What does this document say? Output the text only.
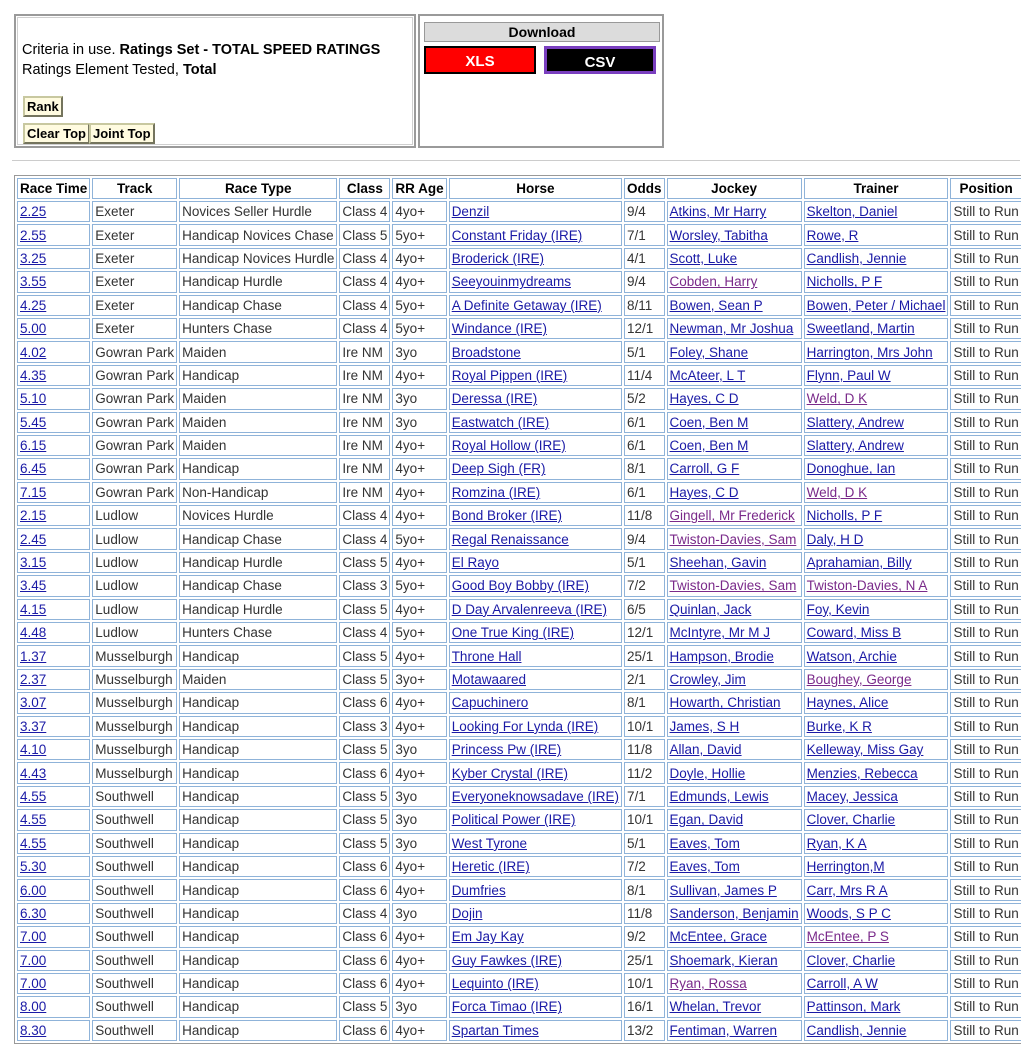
Criteria in use. Ratings Set - TOTAL SPEED RATINGS
Ratings Element Tested, Total
Rank
Clear Top Joint Top
Download
XLS	CSV
Race Time	Track	Race Type	Class	RR Age	Horse	Odds	Jockey	Trainer	Position
2.25	Exeter	Novices Seller Hurdle	Class 4	4yo+	Denzil	9/4	Atkins, Mr Harry	Skelton, Daniel	Still to Run
2.55	Exeter	Handicap Novices Chase	Class 5	5yo+	Constant Friday (IRE)	7/1	Worsley, Tabitha	Rowe, R	Still to Run
3.25	Exeter	Handicap Novices Hurdle	Class 4	4yo+	Broderick (IRE)	4/1	Scott, Luke	Candlish, Jennie	Still to Run
3.55	Exeter	Handicap Hurdle	Class 4	4yo+	Seeyouinmydreams	9/4	Cobden, Harry	Nicholls, P F	Still to Run
4.25	Exeter	Handicap Chase	Class 4	5yo+	A Definite Getaway (IRE)	8/11	Bowen, Sean P	Bowen, Peter / Michael	Still to Run
5.00	Exeter	Hunters Chase	Class 4	5yo+	Windance (IRE)	12/1	Newman, Mr Joshua	Sweetland, Martin	Still to Run
4.02	Gowran Park	Maiden	Ire NM	3yo	Broadstone	5/1	Foley, Shane	Harrington, Mrs John	Still to Run
4.35	Gowran Park	Handicap	Ire NM	4yo+	Royal Pippen (IRE)	11/4	McAteer, L T	Flynn, Paul W	Still to Run
5.10	Gowran Park	Maiden	Ire NM	3yo	Deressa (IRE)	5/2	Hayes, C D	Weld, D K	Still to Run
5.45	Gowran Park	Maiden	Ire NM	3yo	Eastwatch (IRE)	6/1	Coen, Ben M	Slattery, Andrew	Still to Run
6.15	Gowran Park	Maiden	Ire NM	4yo+	Royal Hollow (IRE)	6/1	Coen, Ben M	Slattery, Andrew	Still to Run
6.45	Gowran Park	Handicap	Ire NM	4yo+	Deep Sigh (FR)	8/1	Carroll, G F	Donoghue, Ian	Still to Run
7.15	Gowran Park	Non-Handicap	Ire NM	4yo+	Romzina (IRE)	6/1	Hayes, C D	Weld, D K	Still to Run
2.15	Ludlow	Novices Hurdle	Class 4	4yo+	Bond Broker (IRE)	11/8	Gingell, Mr Frederick	Nicholls, P F	Still to Run
2.45	Ludlow	Handicap Chase	Class 4	5yo+	Regal Renaissance	9/4	Twiston-Davies, Sam	Daly, H D	Still to Run
3.15	Ludlow	Handicap Hurdle	Class 5	4yo+	El Rayo	5/1	Sheehan, Gavin	Aprahamian, Billy	Still to Run
3.45	Ludlow	Handicap Chase	Class 3	5yo+	Good Boy Bobby (IRE)	7/2	Twiston-Davies, Sam	Twiston-Davies, N A	Still to Run
4.15	Ludlow	Handicap Hurdle	Class 5	4yo+	D Day Arvalenreeva (IRE)	6/5	Quinlan, Jack	Foy, Kevin	Still to Run
4.48	Ludlow	Hunters Chase	Class 4	5yo+	One True King (IRE)	12/1	McIntyre, Mr M J	Coward, Miss B	Still to Run
1.37	Musselburgh	Handicap	Class 5	4yo+	Throne Hall	25/1	Hampson, Brodie	Watson, Archie	Still to Run
2.37	Musselburgh	Maiden	Class 5	3yo+	Motawaared	2/1	Crowley, Jim	Boughey, George	Still to Run
3.07	Musselburgh	Handicap	Class 6	4yo+	Capuchinero	8/1	Howarth, Christian	Haynes, Alice	Still to Run
3.37	Musselburgh	Handicap	Class 3	4yo+	Looking For Lynda (IRE)	10/1	James, S H	Burke, K R	Still to Run
4.10	Musselburgh	Handicap	Class 5	3yo	Princess Pw (IRE)	11/8	Allan, David	Kelleway, Miss Gay	Still to Run
4.43	Musselburgh	Handicap	Class 6	4yo+	Kyber Crystal (IRE)	11/2	Doyle, Hollie	Menzies, Rebecca	Still to Run
4.55	Southwell	Handicap	Class 5	3yo	Everyoneknowsadave (IRE)	7/1	Edmunds, Lewis	Macey, Jessica	Still to Run
4.55	Southwell	Handicap	Class 5	3yo	Political Power (IRE)	10/1	Egan, David	Clover, Charlie	Still to Run
4.55	Southwell	Handicap	Class 5	3yo	West Tyrone	5/1	Eaves, Tom	Ryan, K A	Still to Run
5.30	Southwell	Handicap	Class 6	4yo+	Heretic (IRE)	7/2	Eaves, Tom	Herrington,M	Still to Run
6.00	Southwell	Handicap	Class 6	4yo+	Dumfries	8/1	Sullivan, James P	Carr, Mrs R A	Still to Run
6.30	Southwell	Handicap	Class 4	3yo	Dojin	11/8	Sanderson, Benjamin	Woods, S P C	Still to Run
7.00	Southwell	Handicap	Class 6	4yo+	Em Jay Kay	9/2	McEntee, Grace	McEntee, P S	Still to Run
7.00	Southwell	Handicap	Class 6	4yo+	Guy Fawkes (IRE)	25/1	Shoemark, Kieran	Clover, Charlie	Still to Run
7.00	Southwell	Handicap	Class 6	4yo+	Lequinto (IRE)	10/1	Ryan, Rossa	Carroll, A W	Still to Run
8.00	Southwell	Handicap	Class 5	3yo	Forca Timao (IRE)	16/1	Whelan, Trevor	Pattinson, Mark	Still to Run
8.30	Southwell	Handicap	Class 6	4yo+	Spartan Times	13/2	Fentiman, Warren	Candlish, Jennie	Still to Run
